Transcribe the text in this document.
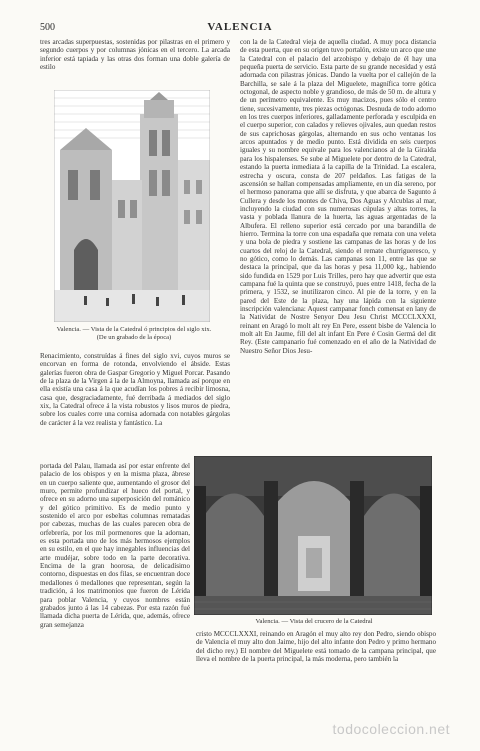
500	VALENCIA

tres arcadas superpuestas, sostenidas por pilastras en el primero y segundo cuerpos y por columnas jónicas en el tercero. La arcada inferior está tapiada y las otras dos forman una doble galería de estilo

Valencia. — Vista de la Catedral ó principios del siglo xix. (De un grabado de la época)

Renacimiento, construídas á fines del siglo xvi, cuyos muros se encorvan en forma de rotonda, envolviendo el ábside. Estas galerías fueron obra de Gaspar Gregorio y Miguel Porcar. Pasando de la plaza de la Virgen á la de la Almoyna, llamada así porque en ella existía una casa á la que acudían los pobres á recibir limosna, casa que, desgraciadamente, fué derribada á mediados del siglo xix, la Catedral ofrece á la vista robustos y lisos muros de piedra, sobre los cuales corre una cornisa adornada con notables gárgolas de carácter á la vez realista y fantástico. La

portada del Palau, llamada así por estar enfrente del palacio de los obispos y en la misma plaza, ábrese en un cuerpo saliente que, aumentando el grosor del muro, permite profundizar el hueco del portal, y ofrece en su adorno una superposición del románico y del gótico primitivo. Es de medio punto y sostenido el arco por esbeltas columnas rematadas por cabezas, muchas de las cuales parecen obra de orfebrería, por los mil pormenores que la adornan, es esta portada uno de los más hermosos ejemplos en su estilo, en el que hay innegables influencias del arte mudéjar, sobre todo en la parte decorativa. Encima de la gran hoorosa, de delicadísimo contorno, dispuestas en dos filas, se encuentran doce medallones ó medallones que representan, según la tradición, á los matrimonios que fueron de Lérida para poblar Valencia, y cuyos nombres están grabados junto á las 14 cabezas. Por esta razón fué llamada dicha puerta de Lérida, que, además, ofrece gran semejanza

con la de la Catedral vieja de aquella ciudad. A muy poca distancia de esta puerta, que en su origen tuvo portalón, existe un arco que une la Catedral con el palacio del arzobispo y debajo de él hay una pequeña puerta de servicio. Esta parte de su grande necesidad y está adornada con pilastras jónicas. Dando la vuelta por el callejón de la Barchilla, se sale á la plaza del Miguelete, magnífica torre gótica octogonal, de aspecto noble y grandioso, de más de 50 m. de altura y de un perímetro equivalente. Es muy macizos, pues sólo el centro tiene, sucesivamente, tres piezas octógonas. Desnuda de todo adorno en los tres cuerpos inferiores, galladamente perforada y esculpida en el cuerpo superior, con calados y relieves ojivales, aun quedan restos de sus caprichosas gárgolas, alternando en sus ocho ventanas los arcos apuntados y de medio punto. Está dividida en seis cuerpos iguales y su nombre equivale para los valencianos al de la Giralda para los hispalenses. Se sube al Miguelete por dentro de la Catedral, estando la puerta inmediata á la capilla de la Trinidad. La escalera, estrecha y oscura, consta de 207 peldaños. Las fatigas de la ascensión se hallan compensadas ampliamente, en un día sereno, por el hermoso panorama que allí se disfruta, y que abarca de Sagunto á Cullera y desde los montes de Chiva, Dos Aguas y Alcublas al mar, incluyendo la ciudad con sus numerosas cúpulas y altas torres, la vasta y poblada llanura de la huerta, las aguas argentadas de la Albufera. El relleno superior está cercado por una barandilla de hierro. Termina la torre con una espadaña que remata con una veleta y una bola de piedra y sostiene las campanas de las horas y de los cuartos del reloj de la Catedral, siendo el remate churrigueresco, y no gótico, como lo demás. Las campanas son 11, entre las que se destaca la principal, que da las horas y pesa 11,000 kg., habiendo sido fundida en 1529 por Luis Trilles, pero hay que advertir que esta campana fué la quinta que se construyó, pues entre 1418, fecha de la primera, y 1532, se inutilizaron cinco. Al pie de la torre, y en la pared del Este de la plaza, hay una lápida con la siguiente inscripción valenciana: Aquest campanar fonch comensat en lany de la Natividat de Nostre Senyor Deu Jesu Christ MCCCLXXXI, reinant en Aragó lo molt alt rey En Pere, essent bisbe de Valencia lo molt alt En Jaume, fill del alt infant En Pere é Cosin Germá del dit Rey. (Este campanario fué comenzado en el año de la Natividad de Nuestro Señor Dios Jesu-

Valencia. — Vista del crucero de la Catedral

cristo MCCCLXXXI, reinando en Aragón el muy alto rey don Pedro, siendo obispo de Valencia el muy alto don Jaime, hijo del alto infante don Pedro y primo hermano del dicho rey.) El nombre del Miguelete está tomado de la campana principal, que lleva el nombre de la puerta principal, la más moderna, pero también la

todocoleccion.net
